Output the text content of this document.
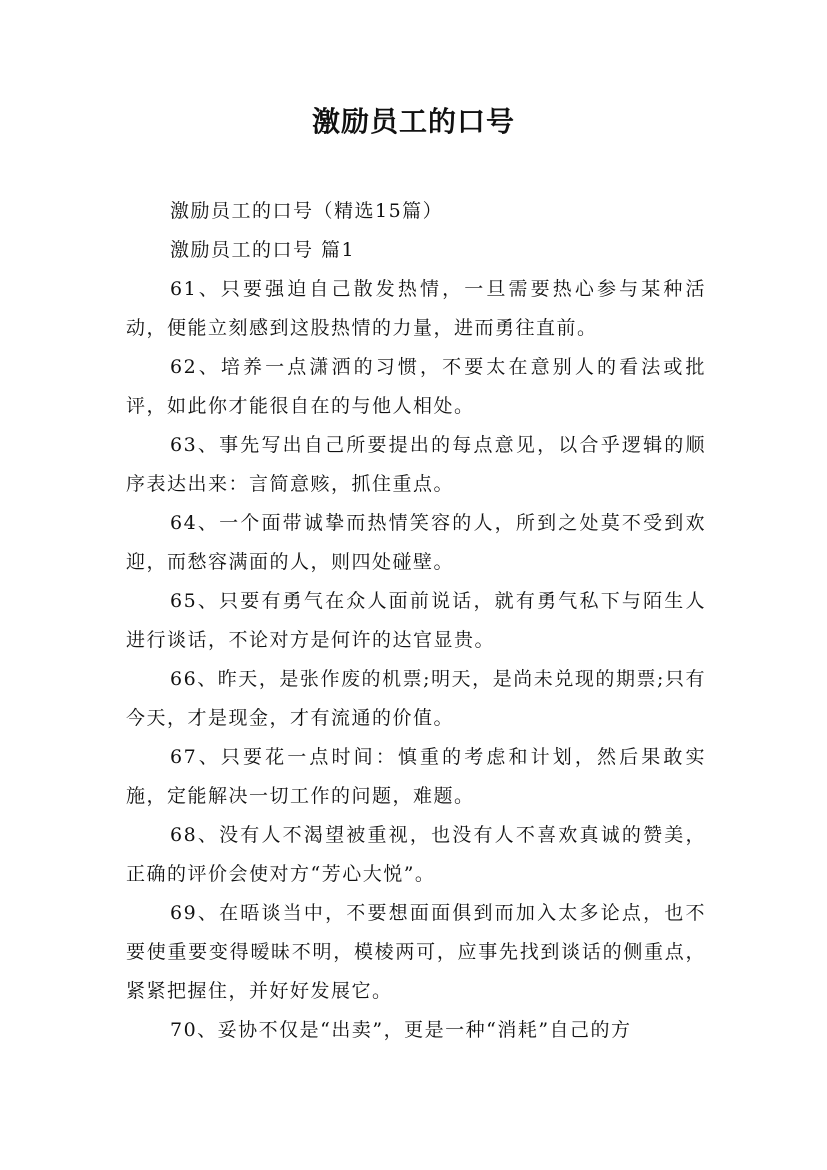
激励员工的口号

激励员工的口号（精选15篇）

激励员工的口号 篇1

61、只要强迫自己散发热情，一旦需要热心参与某种活动，便能立刻感到这股热情的力量，进而勇往直前。

62、培养一点潇洒的习惯，不要太在意别人的看法或批评，如此你才能很自在的与他人相处。

63、事先写出自己所要提出的每点意见，以合乎逻辑的顺序表达出来：言简意赅，抓住重点。

64、一个面带诚挚而热情笑容的人，所到之处莫不受到欢迎，而愁容满面的人，则四处碰壁。

65、只要有勇气在众人面前说话，就有勇气私下与陌生人进行谈话，不论对方是何许的达官显贵。

66、昨天，是张作废的机票;明天，是尚未兑现的期票;只有今天，才是现金，才有流通的价值。

67、只要花一点时间：慎重的考虑和计划，然后果敢实施，定能解决一切工作的问题，难题。

68、没有人不渴望被重视，也没有人不喜欢真诚的赞美，正确的评价会使对方“芳心大悦”。

69、在晤谈当中，不要想面面俱到而加入太多论点，也不要使重要变得暧昧不明，模棱两可，应事先找到谈话的侧重点，紧紧把握住，并好好发展它。

70、妥协不仅是“出卖”，更是一种“消耗”自己的方
